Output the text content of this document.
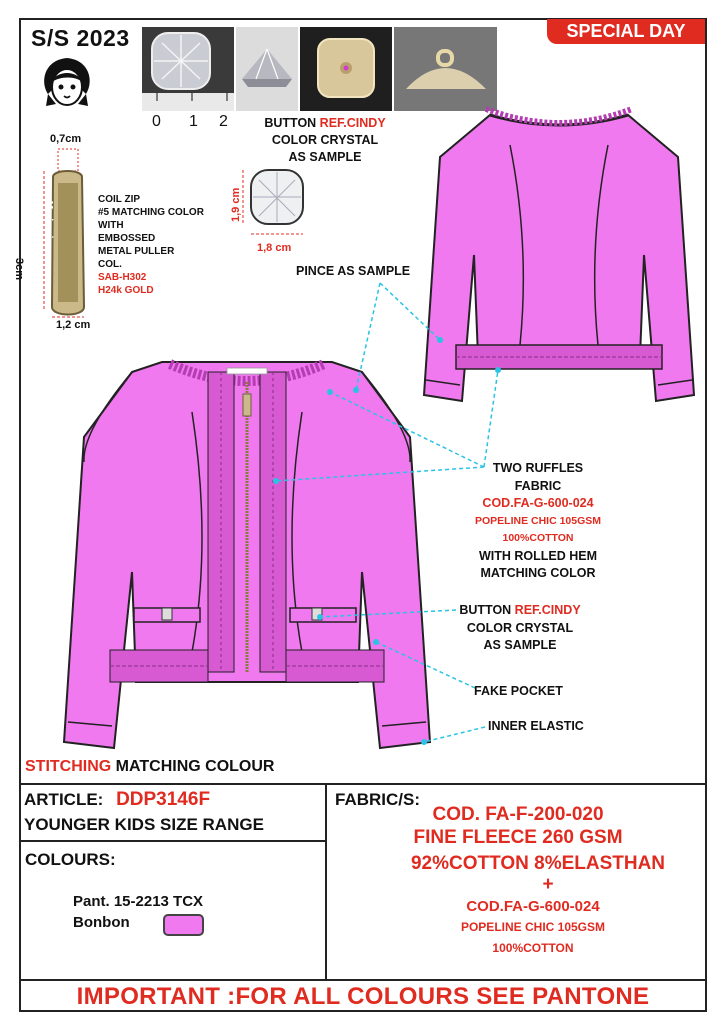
S/S 2023	SPECIAL DAY
0 1 2	BUTTON REF.CINDY
COLOR CRYSTAL
AS SAMPLE
0,7cm
Mariuccia
3cm
1,2 cm
COIL ZIP
#5 MATCHING COLOR
WITH
EMBOSSED
METAL PULLER
COL.
SAB-H302
H24k GOLD
1,9 cm
1,8 cm
PINCE AS SAMPLE
TWO RUFFLES
FABRIC
COD.FA-G-600-024
POPELINE CHIC 105GSM
100%COTTON
WITH ROLLED HEM
MATCHING COLOR
BUTTON REF.CINDY
COLOR CRYSTAL
AS SAMPLE
FAKE POCKET
INNER ELASTIC
STITCHING MATCHING COLOUR
ARTICLE: DDP3146F
YOUNGER KIDS SIZE RANGE
COLOURS:
Pant. 15-2213 TCX
Bonbon
FABRIC/S:
COD. FA-F-200-020
FINE FLEECE 260 GSM
92%COTTON 8%ELASTHAN
+
COD.FA-G-600-024
POPELINE CHIC 105GSM
100%COTTON
IMPORTANT :FOR ALL COLOURS SEE PANTONE
